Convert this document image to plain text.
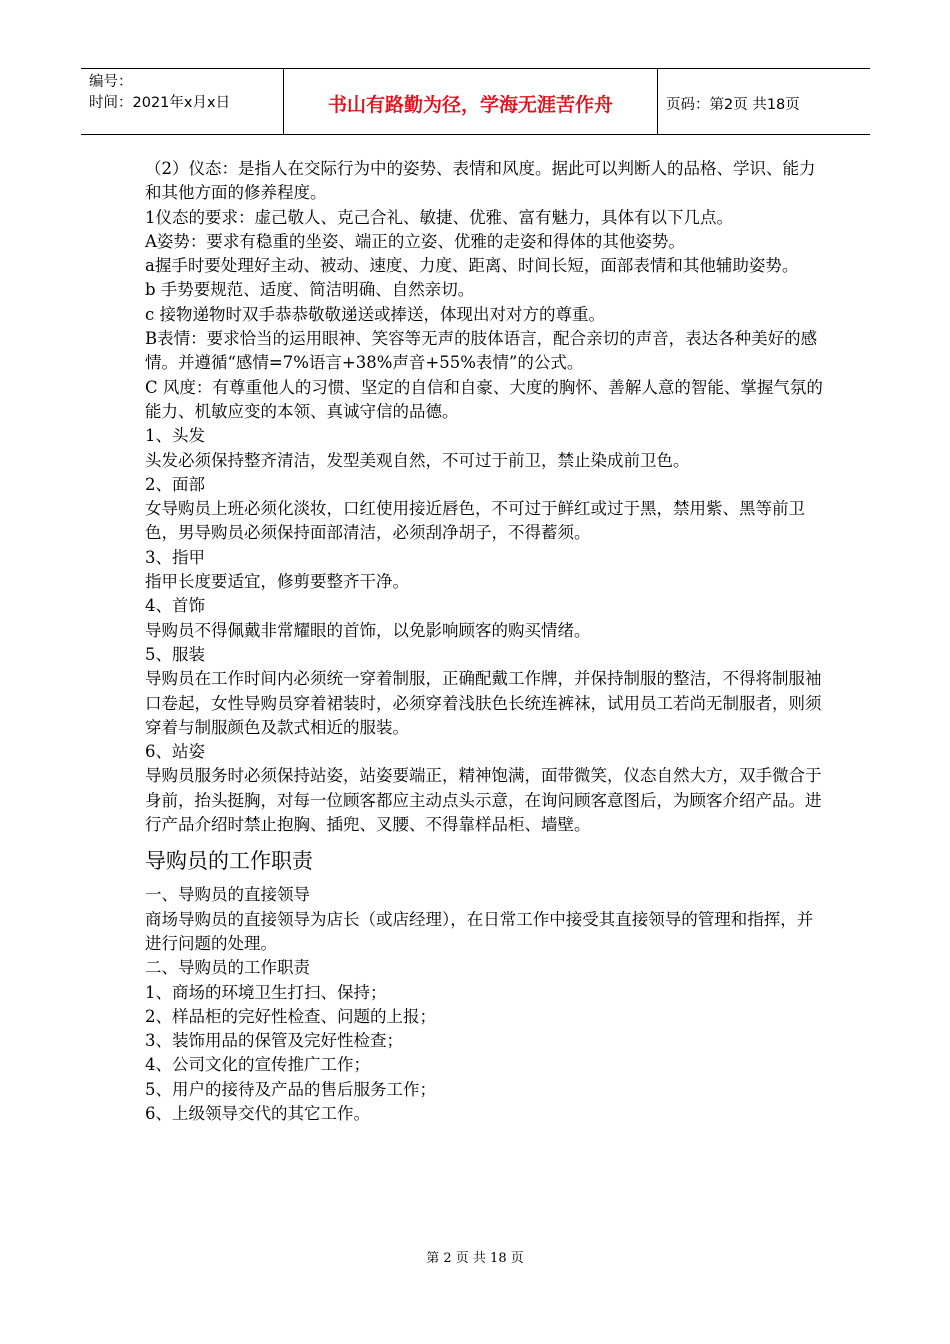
编号：
时间：2021年x月x日	书山有路勤为径，学海无涯苦作舟	页码：第2页 共18页

（2）仪态：是指人在交际行为中的姿势、表情和风度。据此可以判断人的品格、学识、能力和其他方面的修养程度。

1仪态的要求：虚己敬人、克己合礼、敏捷、优雅、富有魅力，具体有以下几点。

A姿势：要求有稳重的坐姿、端正的立姿、优雅的走姿和得体的其他姿势。

a握手时要处理好主动、被动、速度、力度、距离、时间长短，面部表情和其他辅助姿势。

b 手势要规范、适度、简洁明确、自然亲切。

c 接物递物时双手恭恭敬敬递送或捧送，体现出对对方的尊重。

B表情：要求恰当的运用眼神、笑容等无声的肢体语言，配合亲切的声音，表达各种美好的感情。并遵循“感情=7%语言+38%声音+55%表情”的公式。

C 风度：有尊重他人的习惯、坚定的自信和自豪、大度的胸怀、善解人意的智能、掌握气氛的能力、机敏应变的本领、真诚守信的品德。

1、头发

头发必须保持整齐清洁，发型美观自然，不可过于前卫，禁止染成前卫色。

2、面部

女导购员上班必须化淡妆，口红使用接近唇色，不可过于鲜红或过于黑，禁用紫、黑等前卫色，男导购员必须保持面部清洁，必须刮净胡子，不得蓄须。

3、指甲

指甲长度要适宜，修剪要整齐干净。

4、首饰

导购员不得佩戴非常耀眼的首饰，以免影响顾客的购买情绪。

5、服装

导购员在工作时间内必须统一穿着制服，正确配戴工作牌，并保持制服的整洁，不得将制服袖口卷起，女性导购员穿着裙装时，必须穿着浅肤色长统连裤袜，试用员工若尚无制服者，则须穿着与制服颜色及款式相近的服装。

6、站姿

导购员服务时必须保持站姿，站姿要端正，精神饱满，面带微笑，仪态自然大方，双手微合于身前，抬头挺胸，对每一位顾客都应主动点头示意，在询问顾客意图后，为顾客介绍产品。进行产品介绍时禁止抱胸、插兜、叉腰、不得靠样品柜、墙壁。

导购员的工作职责

一、导购员的直接领导

商场导购员的直接领导为店长（或店经理），在日常工作中接受其直接领导的管理和指挥，并进行问题的处理。

二、导购员的工作职责

1、商场的环境卫生打扫、保持；

2、样品柜的完好性检查、问题的上报；

3、装饰用品的保管及完好性检查；

4、公司文化的宣传推广工作；

5、用户的接待及产品的售后服务工作；

6、上级领导交代的其它工作。

第 2 页 共 18 页
